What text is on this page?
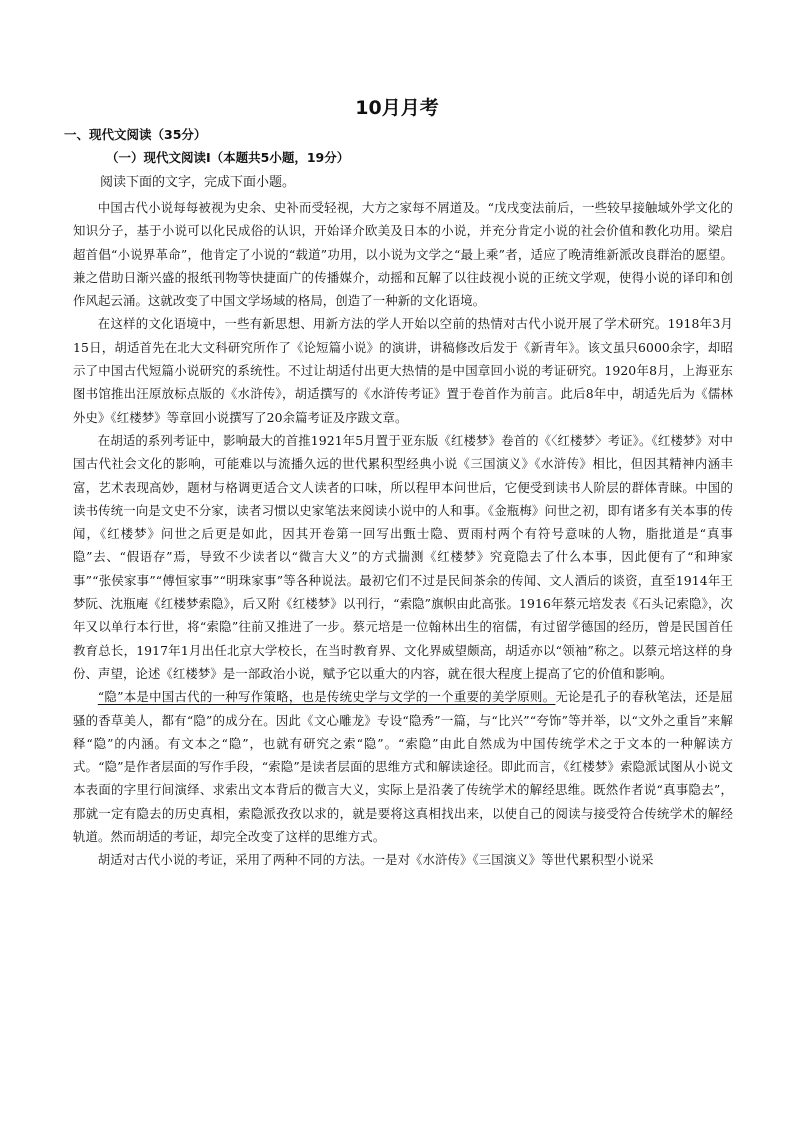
10月月考
一、现代文阅读（35分）
（一）现代文阅读I（本题共5小题，19分）
阅读下面的文字，完成下面小题。

中国古代小说每每被视为史余、史补而受轻视，大方之家每不屑道及。“戊戌变法前后，一些较早接触域外学文化的知识分子，基于小说可以化民成俗的认识，开始译介欧美及日本的小说，并充分肯定小说的社会价值和教化功用。梁启超首倡“小说界革命”，他肯定了小说的“载道”功用，以小说为文学之“最上乘”者，适应了晚清维新派改良群治的愿望。兼之借助日渐兴盛的报纸刊物等快捷面广的传播媒介，动摇和瓦解了以往歧视小说的正统文学观，使得小说的译印和创作风起云涌。这就改变了中国文学场域的格局，创造了一种新的文化语境。

在这样的文化语境中，一些有新思想、用新方法的学人开始以空前的热情对古代小说开展了学术研究。1918年3月15日，胡适首先在北大文科研究所作了《论短篇小说》的演讲，讲稿修改后发于《新青年》。该文虽只6000余字，却昭示了中国古代短篇小说研究的系统性。不过让胡适付出更大热情的是中国章回小说的考证研究。1920年8月，上海亚东图书馆推出汪原放标点版的《水浒传》，胡适撰写的《水浒传考证》置于卷首作为前言。此后8年中，胡适先后为《儒林外史》《红楼梦》等章回小说撰写了20余篇考证及序跋文章。

在胡适的系列考证中，影响最大的首推1921年5月置于亚东版《红楼梦》卷首的《〈红楼梦〉考证》。《红楼梦》对中国古代社会文化的影响，可能难以与流播久远的世代累积型经典小说《三国演义》《水浒传》相比，但因其精神内涵丰富，艺术表现高妙，题材与格调更适合文人读者的口味，所以程甲本问世后，它便受到读书人阶层的群体青睐。中国的读书传统一向是文史不分家，读者习惯以史家笔法来阅读小说中的人和事。《金瓶梅》问世之初，即有诸多有关本事的传闻，《红楼梦》问世之后更是如此，因其开卷第一回写出甄士隐、贾雨村两个有符号意味的人物，脂批道是“真事隐”去、“假语存”焉，导致不少读者以“微言大义”的方式揣测《红楼梦》究竟隐去了什么本事，因此便有了“和珅家事”“张侯家事”“傅恒家事”“明珠家事”等各种说法。最初它们不过是民间茶余的传闻、文人酒后的谈资，直至1914年王梦阮、沈瓶庵《红楼梦索隐》，后又附《红楼梦》以刊行，“索隐”旗帜由此高张。1916年蔡元培发表《石头记索隐》，次年又以单行本行世，将“索隐”往前又推进了一步。蔡元培是一位翰林出生的宿儒，有过留学德国的经历，曾是民国首任教育总长，1917年1月出任北京大学校长，在当时教育界、文化界威望颇高，胡适亦以“领袖”称之。以蔡元培这样的身份、声望，论述《红楼梦》是一部政治小说，赋予它以重大的内容，就在很大程度上提高了它的价值和影响。

“隐”本是中国古代的一种写作策略，也是传统史学与文学的一个重要的美学原则。无论是孔子的春秋笔法，还是屈骚的香草美人，都有“隐”的成分在。因此《文心雕龙》专设“隐秀”一篇，与“比兴”“夸饰”等并举，以“文外之重旨”来解释“隐”的内涵。有文本之“隐”，也就有研究之索“隐”。“索隐”由此自然成为中国传统学术之于文本的一种解读方式。“隐”是作者层面的写作手段，“索隐”是读者层面的思维方式和解读途径。即此而言，《红楼梦》索隐派试图从小说文本表面的字里行间演绎、求索出文本背后的微言大义，实际上是沿袭了传统学术的解经思维。既然作者说“真事隐去”，那就一定有隐去的历史真相，索隐派孜孜以求的，就是要将这真相找出来，以使自己的阅读与接受符合传统学术的解经轨道。然而胡适的考证，却完全改变了这样的思维方式。

胡适对古代小说的考证，采用了两种不同的方法。一是对《水浒传》《三国演义》等世代累积型小说采
